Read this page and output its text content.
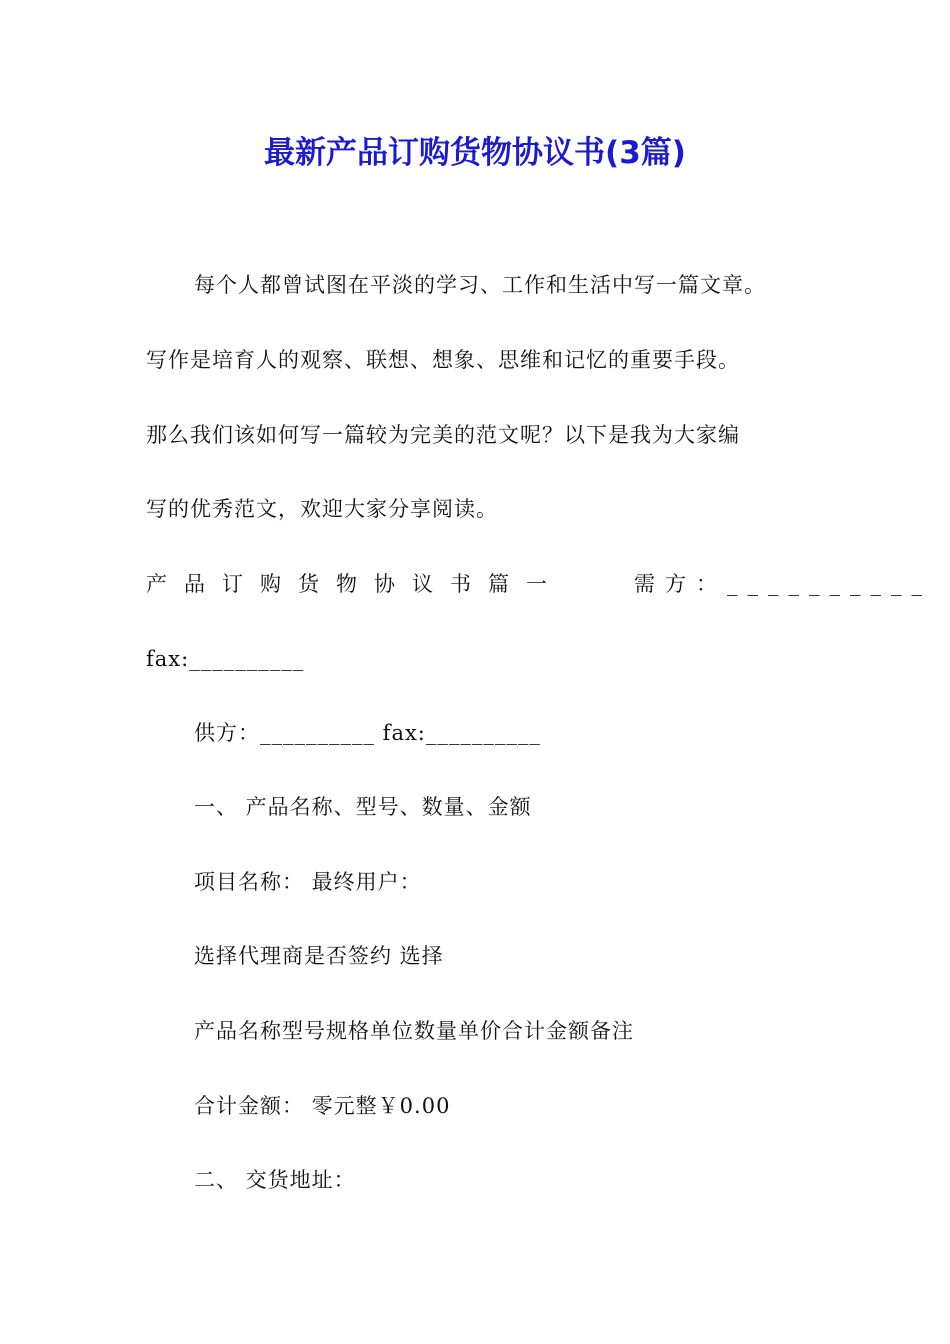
最新产品订购货物协议书(3篇)

每个人都曾试图在平淡的学习、工作和生活中写一篇文章。

写作是培育人的观察、联想、想象、思维和记忆的重要手段。

那么我们该如何写一篇较为完美的范文呢？以下是我为大家编

写的优秀范文，欢迎大家分享阅读。

产品订购货物协议书篇一	需方：__________

fax:__________

供方：__________ fax:__________

一、 产品名称、型号、数量、金额

项目名称： 最终用户：

选择代理商是否签约 选择

产品名称型号规格单位数量单价合计金额备注

合计金额： 零元整￥0.00

二、 交货地址：
